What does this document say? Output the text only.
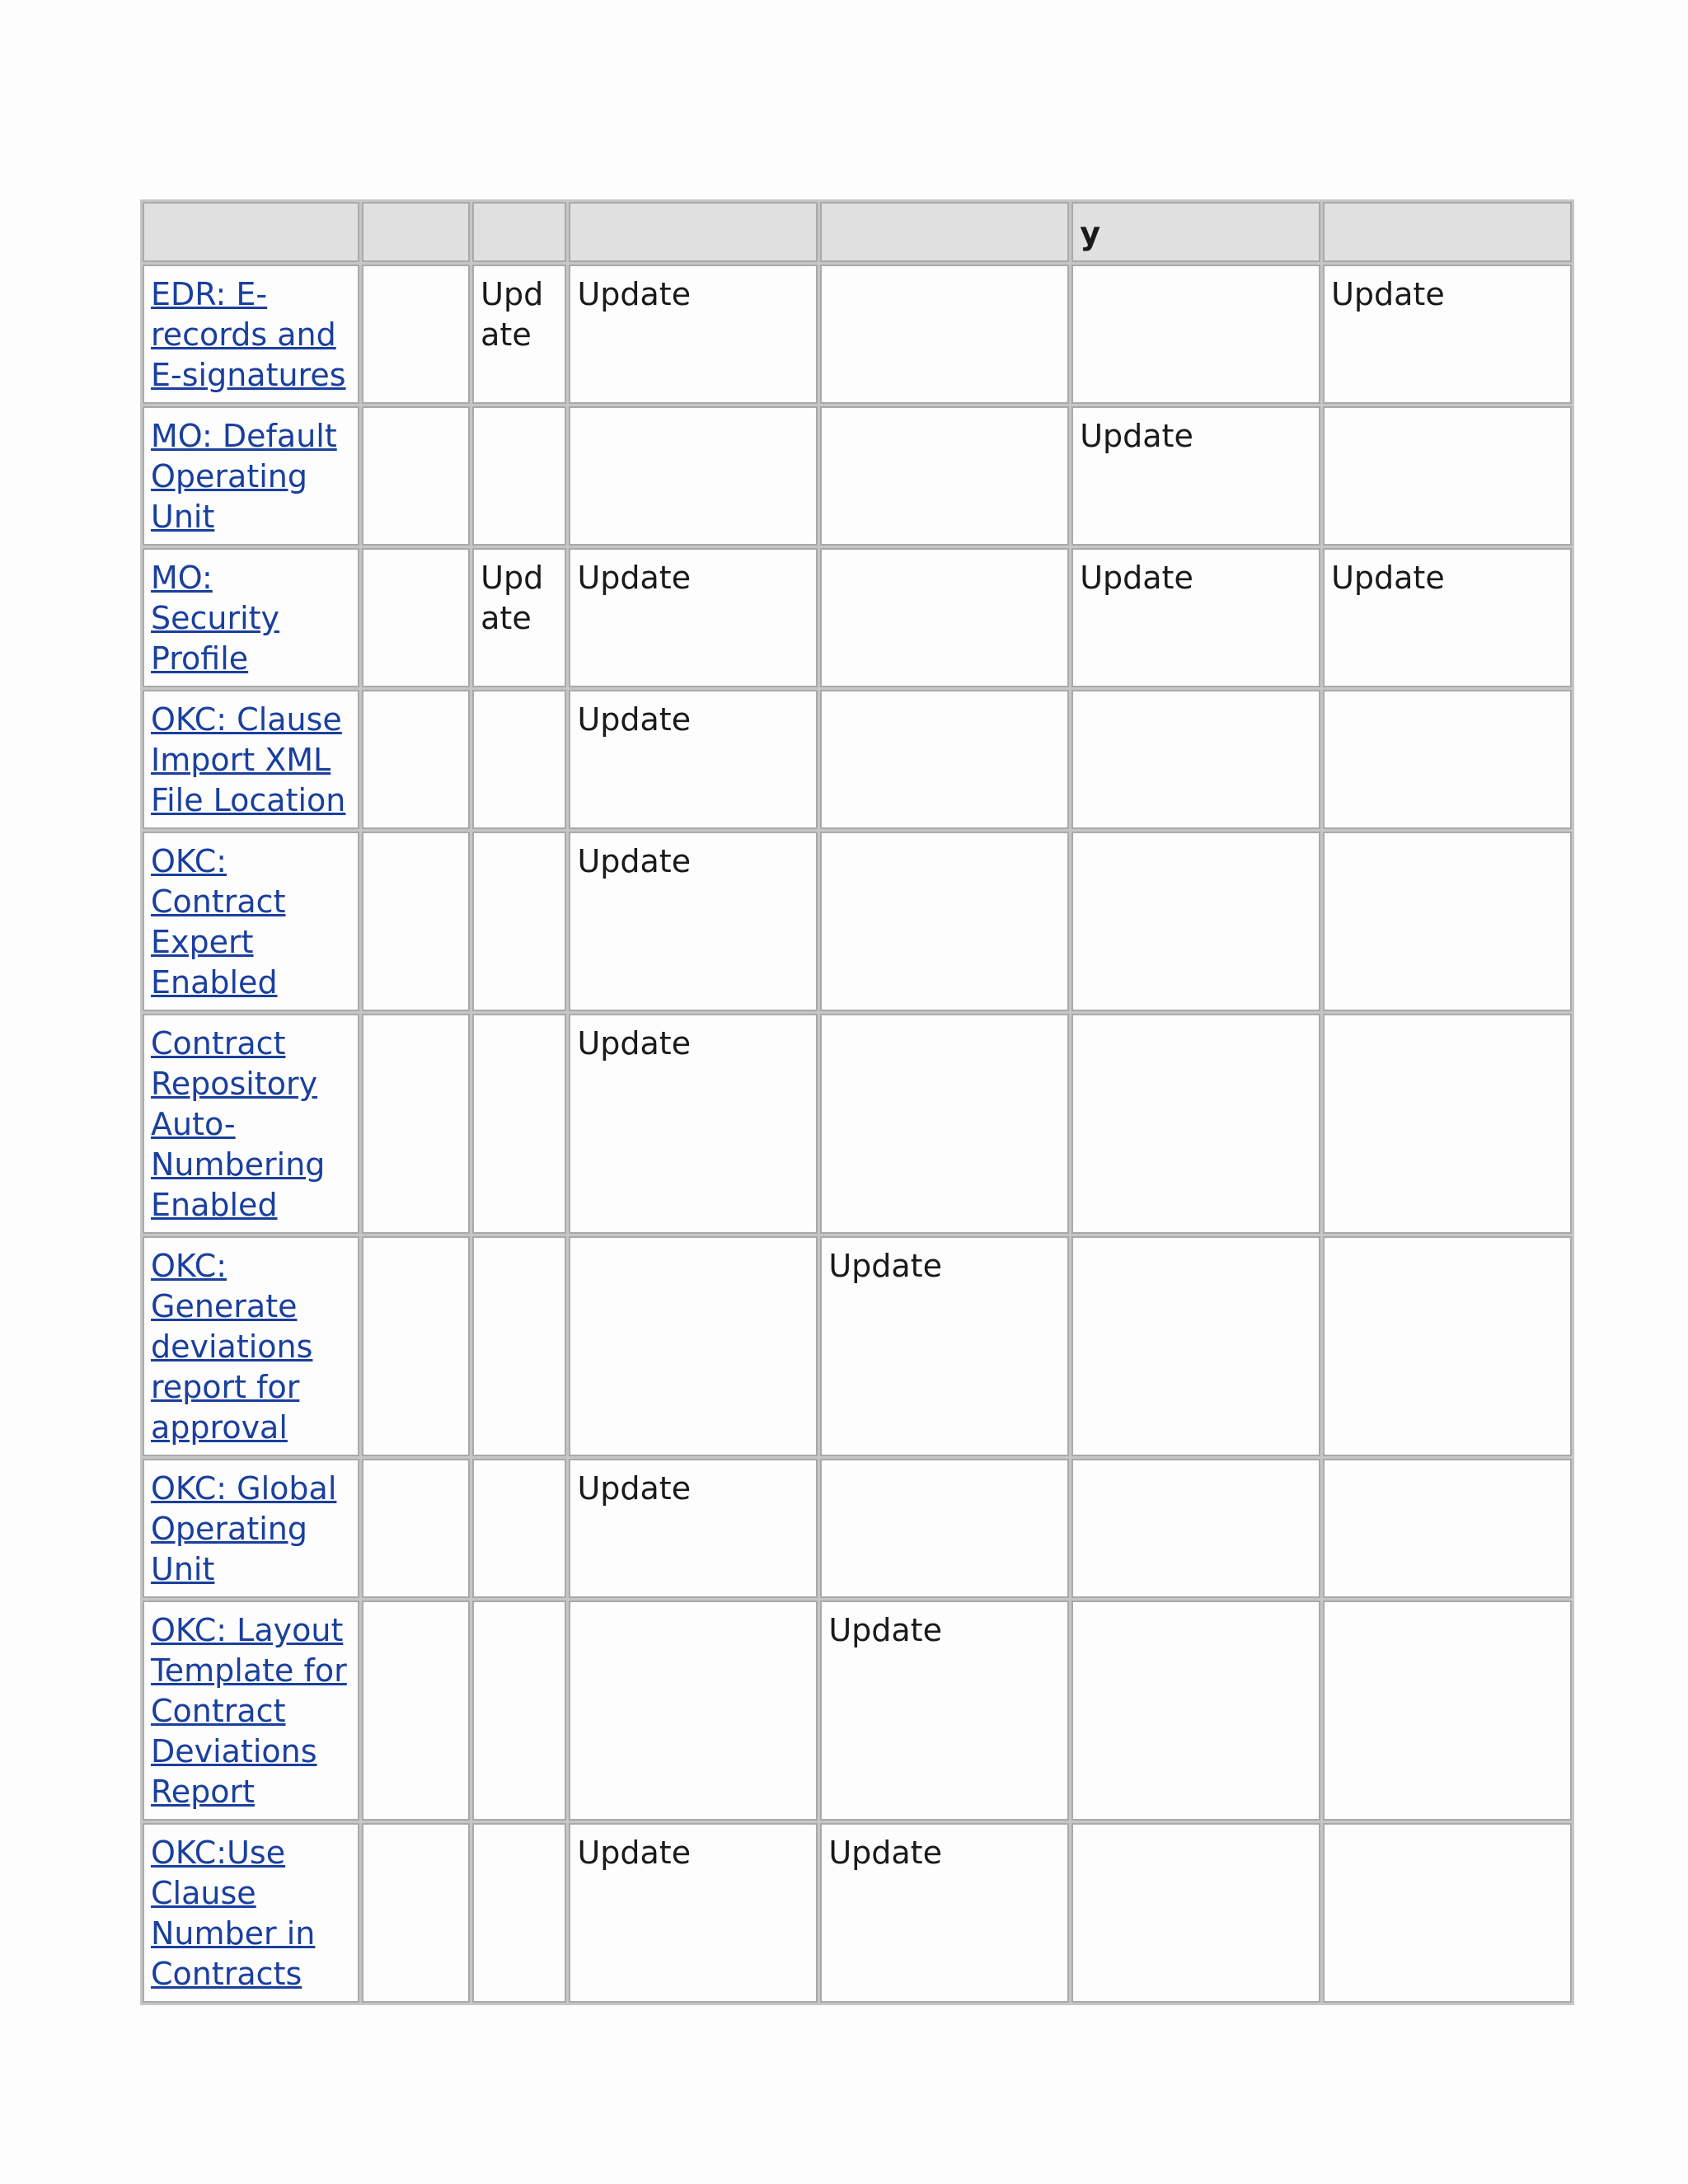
					y	
EDR: E-records and E-signatures		Update	Update			Update
MO: Default Operating Unit					Update	
MO: Security Profile		Update	Update		Update	Update
OKC: Clause Import XML File Location			Update			
OKC: Contract Expert Enabled			Update			
Contract Repository Auto-Numbering Enabled			Update			
OKC: Generate deviations report for approval				Update		
OKC: Global Operating Unit			Update			
OKC: Layout Template for Contract Deviations Report				Update		
OKC:Use Clause Number in Contracts			Update	Update		
